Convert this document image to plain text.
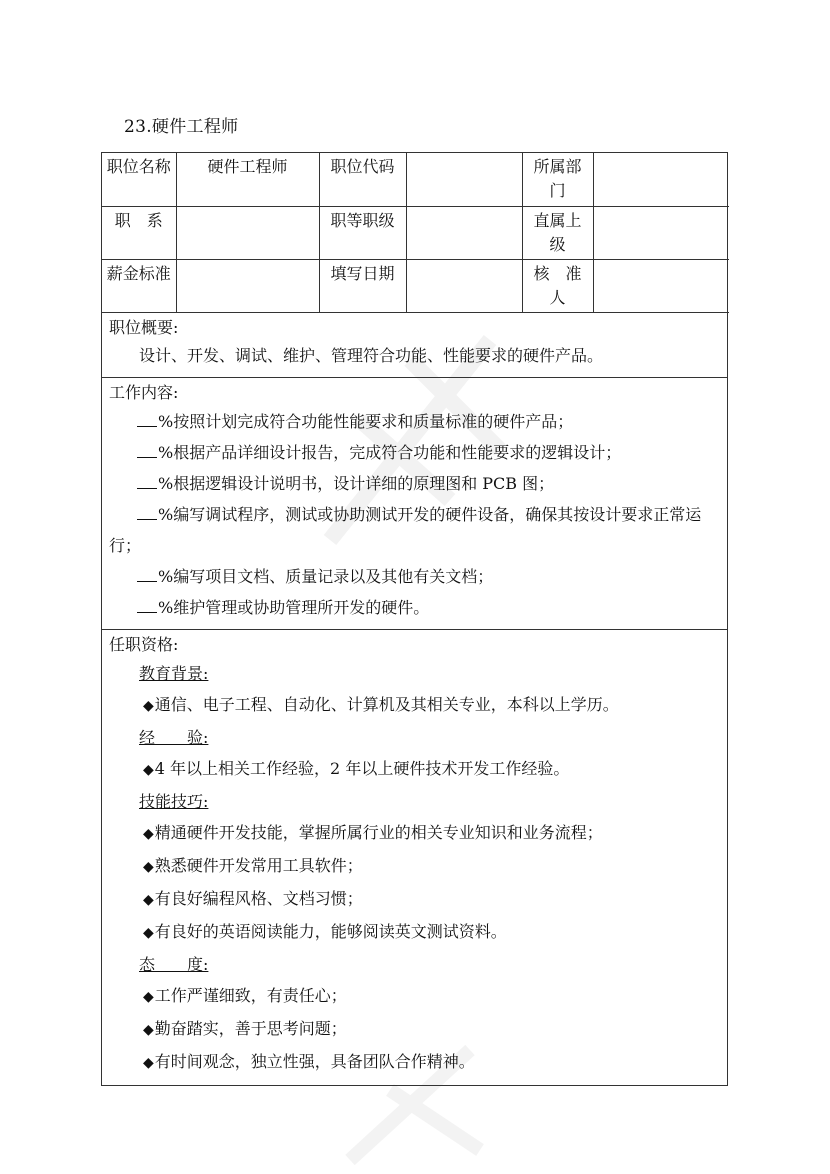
23.硬件工程师
职位名称	硬件工程师	职位代码		所属部门	
职　系		职等职级		直属上级	
薪金标准		填写日期		核　准　人	
职位概要:
设计、开发、调试、维护、管理符合功能、性能要求的硬件产品。
工作内容:
%按照计划完成符合功能性能要求和质量标准的硬件产品；
%根据产品详细设计报告，完成符合功能和性能要求的逻辑设计；
%根据逻辑设计说明书，设计详细的原理图和 PCB 图；
%编写调试程序，测试或协助测试开发的硬件设备，确保其按设计要求正常运行；
%编写项目文档、质量记录以及其他有关文档；
%维护管理或协助管理所开发的硬件。
任职资格:
教育背景:
◆通信、电子工程、自动化、计算机及其相关专业，本科以上学历。
经　　验:
◆4 年以上相关工作经验，2 年以上硬件技术开发工作经验。
技能技巧:
◆精通硬件开发技能，掌握所属行业的相关专业知识和业务流程；
◆熟悉硬件开发常用工具软件；
◆有良好编程风格、文档习惯；
◆有良好的英语阅读能力，能够阅读英文测试资料。
态　　度:
◆工作严谨细致，有责任心；
◆勤奋踏实，善于思考问题；
◆有时间观念，独立性强，具备团队合作精神。
